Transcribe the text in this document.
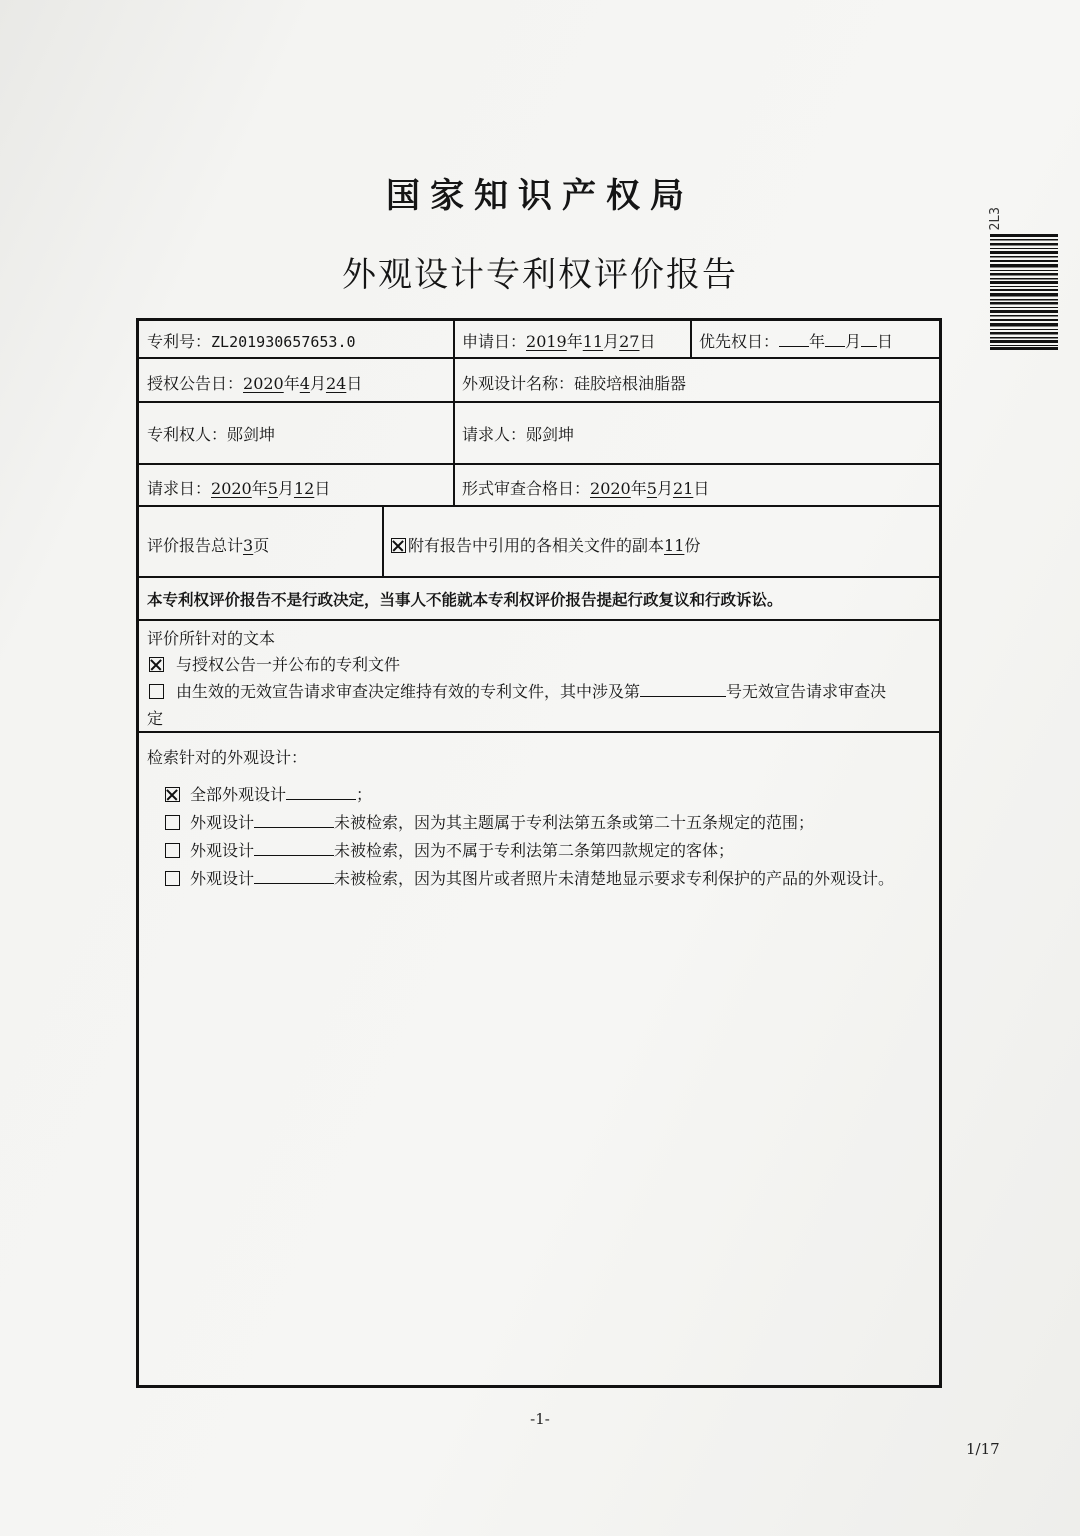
国家知识产权局
外观设计专利权评价报告
2L3
专利号：ZL201930657653.0	申请日：2019年11月27日	优先权日： 年 月 日
授权公告日：2020年4月24日	外观设计名称：硅胶培根油脂器
专利权人：郧剑坤	请求人：郧剑坤
请求日：2020年5月12日	形式审查合格日：2020年5月21日
评价报告总计3页	附有报告中引用的各相关文件的副本11份
本专利权评价报告不是行政决定，当事人不能就本专利权评价报告提起行政复议和行政诉讼。
评价所针对的文本
与授权公告一并公布的专利文件
由生效的无效宣告请求审查决定维持有效的专利文件，其中涉及第	号无效宣告请求审查决
定
检索针对的外观设计：
全部外观设计	；
外观设计	未被检索，因为其主题属于专利法第五条或第二十五条规定的范围；
外观设计	未被检索，因为不属于专利法第二条第四款规定的客体；
外观设计	未被检索，因为其图片或者照片未清楚地显示要求专利保护的产品的外观设计。
-1-
1/17
